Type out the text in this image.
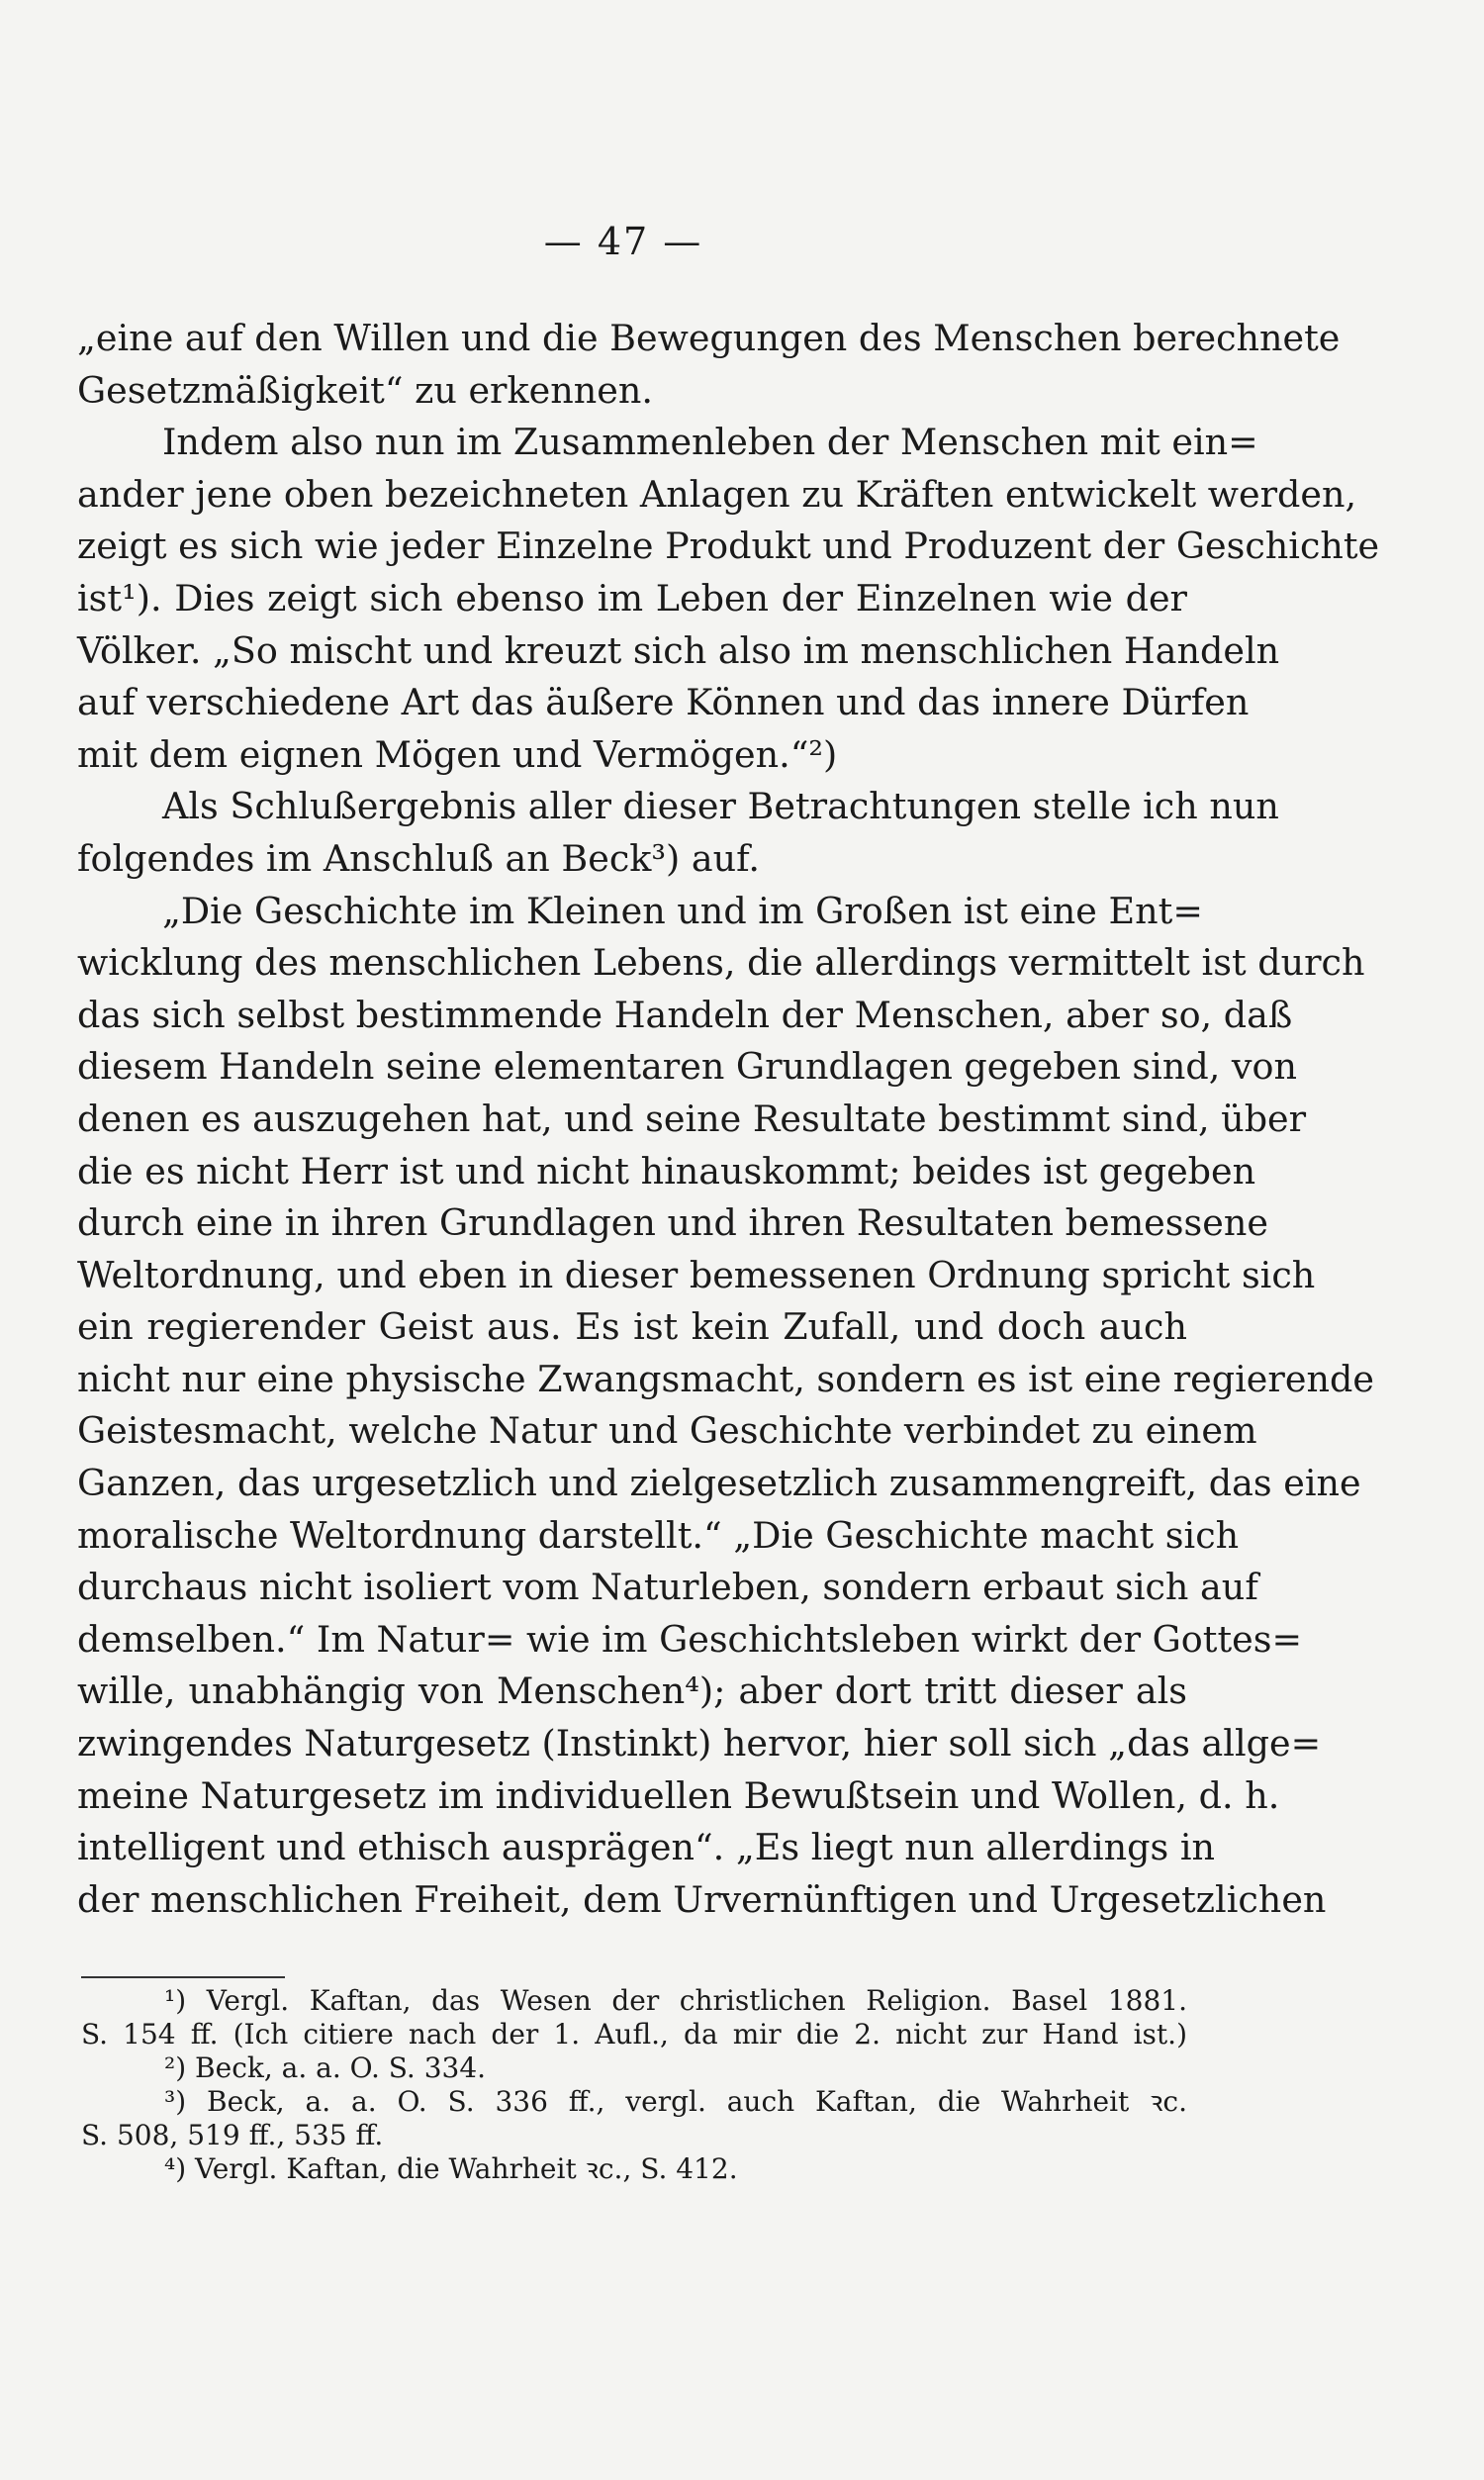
— 47 —
„eine auf den Willen und die Bewegungen des Menschen berechnete
Gesetzmäßigkeit“ zu erkennen.
Indem also nun im Zusammenleben der Menschen mit ein=
ander jene oben bezeichneten Anlagen zu Kräften entwickelt werden,
zeigt es sich wie jeder Einzelne Produkt und Produzent der Geschichte
ist¹). Dies zeigt sich ebenso im Leben der Einzelnen wie der
Völker. „So mischt und kreuzt sich also im menschlichen Handeln
auf verschiedene Art das äußere Können und das innere Dürfen
mit dem eignen Mögen und Vermögen.“²)
Als Schlußergebnis aller dieser Betrachtungen stelle ich nun
folgendes im Anschluß an Beck³) auf.
„Die Geschichte im Kleinen und im Großen ist eine Ent=
wicklung des menschlichen Lebens, die allerdings vermittelt ist durch
das sich selbst bestimmende Handeln der Menschen, aber so, daß
diesem Handeln seine elementaren Grundlagen gegeben sind, von
denen es auszugehen hat, und seine Resultate bestimmt sind, über
die es nicht Herr ist und nicht hinauskommt; beides ist gegeben
durch eine in ihren Grundlagen und ihren Resultaten bemessene
Weltordnung, und eben in dieser bemessenen Ordnung spricht sich
ein regierender Geist aus. Es ist kein Zufall, und doch auch
nicht nur eine physische Zwangsmacht, sondern es ist eine regierende
Geistesmacht, welche Natur und Geschichte verbindet zu einem
Ganzen, das urgesetzlich und zielgesetzlich zusammengreift, das eine
moralische Weltordnung darstellt.“ „Die Geschichte macht sich
durchaus nicht isoliert vom Naturleben, sondern erbaut sich auf
demselben.“ Im Natur= wie im Geschichtsleben wirkt der Gottes=
wille, unabhängig von Menschen⁴); aber dort tritt dieser als
zwingendes Naturgesetz (Instinkt) hervor, hier soll sich „das allge=
meine Naturgesetz im individuellen Bewußtsein und Wollen, d. h.
intelligent und ethisch ausprägen“. „Es liegt nun allerdings in
der menschlichen Freiheit, dem Urvernünftigen und Urgesetzlichen
¹) Vergl. Kaftan, das Wesen der christlichen Religion. Basel 1881.
S. 154 ff. (Ich citiere nach der 1. Aufl., da mir die 2. nicht zur Hand ist.)
²) Beck, a. a. O. S. 334.
³) Beck, a. a. O. S. 336 ff., vergl. auch Kaftan, die Wahrheit ꝛc.
S. 508, 519 ff., 535 ff.
⁴) Vergl. Kaftan, die Wahrheit ꝛc., S. 412.
